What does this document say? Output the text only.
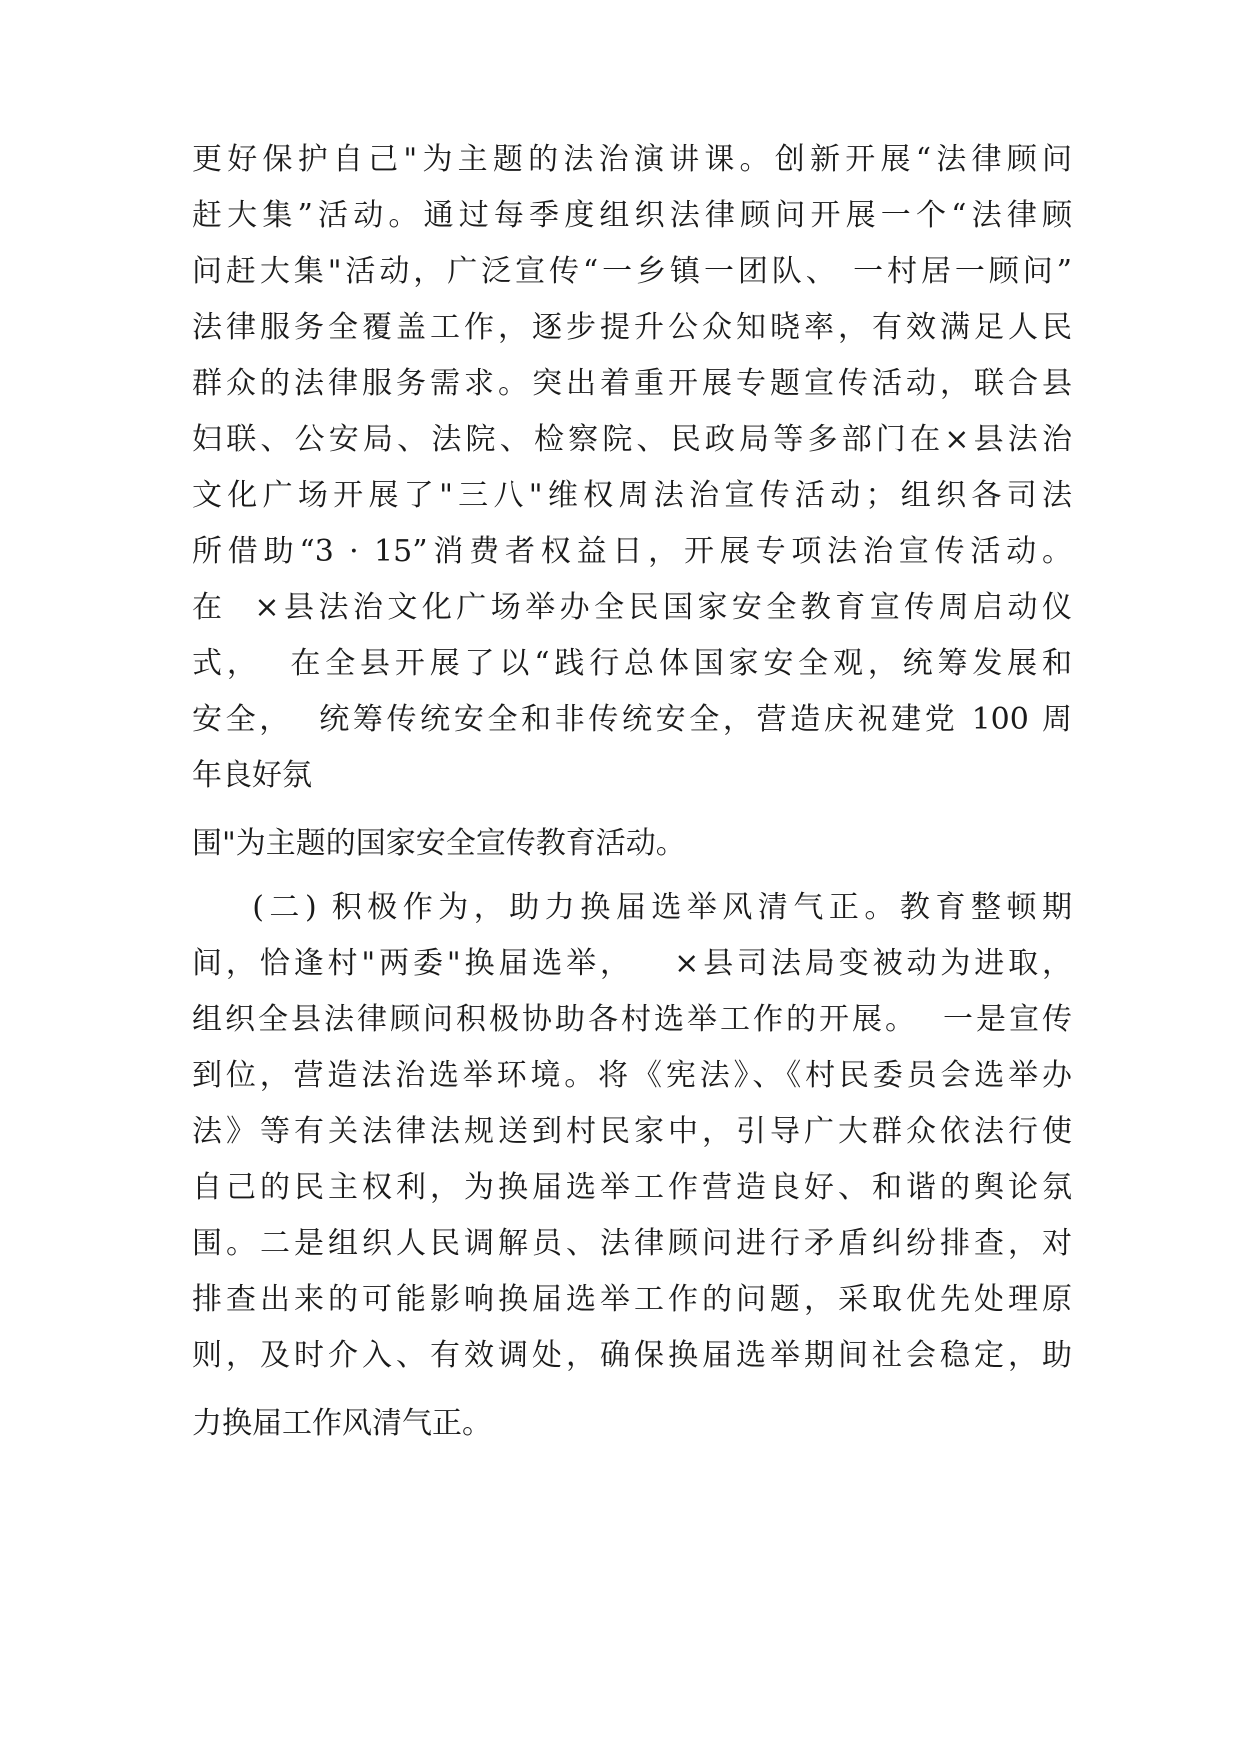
更好保护自己"为主题的法治演讲课。创新开展“法律顾问
赶大集”活动。通过每季度组织法律顾问开展一个“法律顾
问赶大集"活动，广泛宣传“一乡镇一团队、 一村居一顾问”
法律服务全覆盖工作，逐步提升公众知晓率，有效满足人民
群众的法律服务需求。突出着重开展专题宣传活动，联合县
妇联、公安局、法院、检察院、民政局等多部门在×县法治
文化广场开展了"三八"维权周法治宣传活动；组织各司法
所借助“3 · 15”消费者权益日，开展专项法治宣传活动。
在  ×县法治文化广场举办全民国家安全教育宣传周启动仪
式，  在全县开展了以“践行总体国家安全观，统筹发展和
安全，  统筹传统安全和非传统安全，营造庆祝建党 100 周
年良好氛
围"为主题的国家安全宣传教育活动。
(二) 积极作为，助力换届选举风清气正。教育整顿期
间，恰逢村"两委"换届选举，   ×县司法局变被动为进取，
组织全县法律顾问积极协助各村选举工作的开展。  一是宣传
到位，营造法治选举环境。将《宪法》、《村民委员会选举办
法》等有关法律法规送到村民家中，引导广大群众依法行使
自己的民主权利，为换届选举工作营造良好、和谐的舆论氛
围。二是组织人民调解员、法律顾问进行矛盾纠纷排查，对
排查出来的可能影响换届选举工作的问题，采取优先处理原
则，及时介入、有效调处，确保换届选举期间社会稳定，助
力换届工作风清气正。
